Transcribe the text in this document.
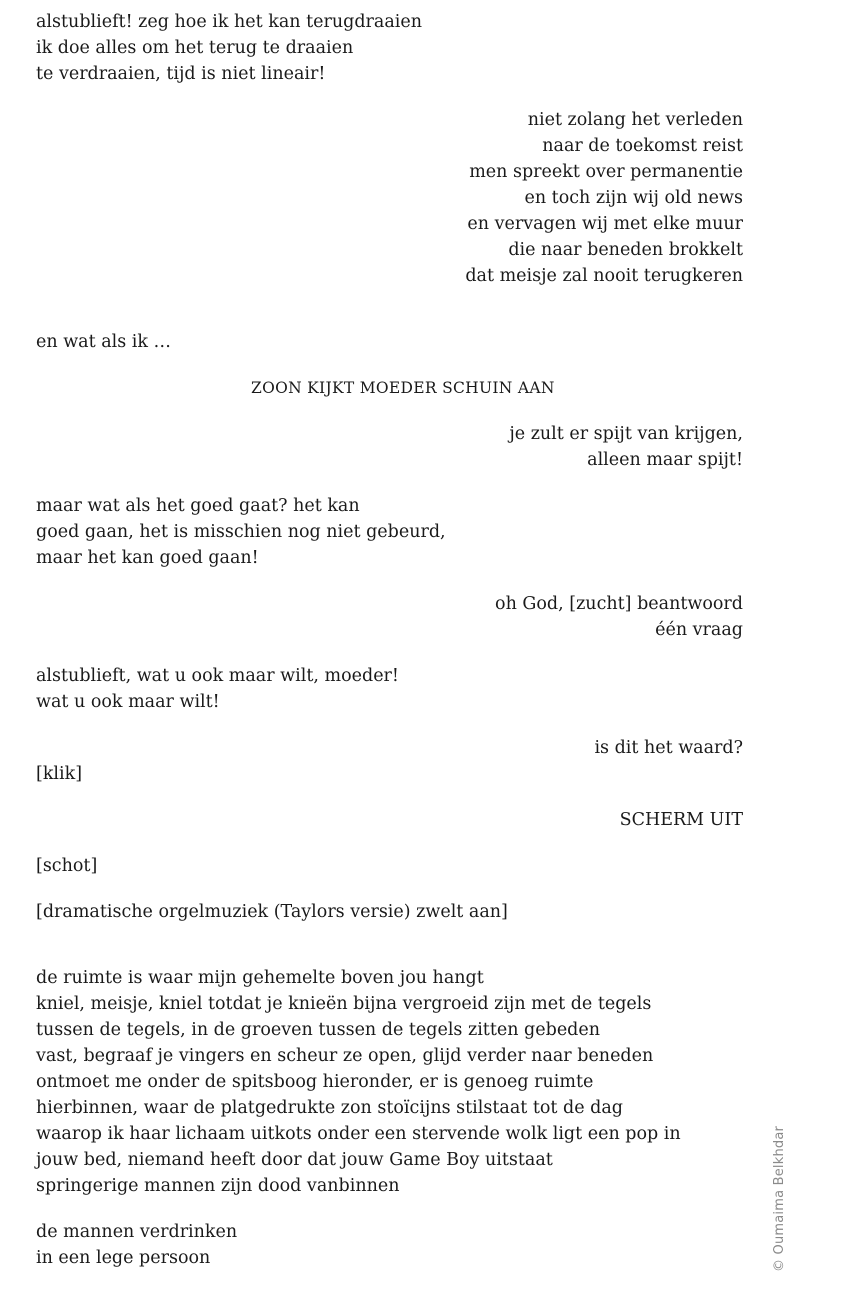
alstublieft! zeg hoe ik het kan terugdraaien
ik doe alles om het terug te draaien
te verdraaien, tijd is niet lineair!
niet zolang het verleden
naar de toekomst reist
men spreekt over permanentie
en toch zijn wij old news
en vervagen wij met elke muur
die naar beneden brokkelt
dat meisje zal nooit terugkeren
en wat als ik …
ZOON KIJKT MOEDER SCHUIN AAN
je zult er spijt van krijgen,
alleen maar spijt!
maar wat als het goed gaat? het kan
goed gaan, het is misschien nog niet gebeurd,
maar het kan goed gaan!
oh God, [zucht] beantwoord
één vraag
alstublieft, wat u ook maar wilt, moeder!
wat u ook maar wilt!
is dit het waard?
[klik]
SCHERM UIT
[schot]
[dramatische orgelmuziek (Taylors versie) zwelt aan]
de ruimte is waar mijn gehemelte boven jou hangt
kniel, meisje, kniel totdat je knieën bijna vergroeid zijn met de tegels
tussen de tegels, in de groeven tussen de tegels zitten gebeden
vast, begraaf je vingers en scheur ze open, glijd verder naar beneden
ontmoet me onder de spitsboog hieronder, er is genoeg ruimte
hierbinnen, waar de platgedrukte zon stoïcijns stilstaat tot de dag
waarop ik haar lichaam uitkots onder een stervende wolk ligt een pop in
jouw bed, niemand heeft door dat jouw Game Boy uitstaat
springerige mannen zijn dood vanbinnen
de mannen verdrinken
in een lege persoon	© Oumaima Belkhdar
